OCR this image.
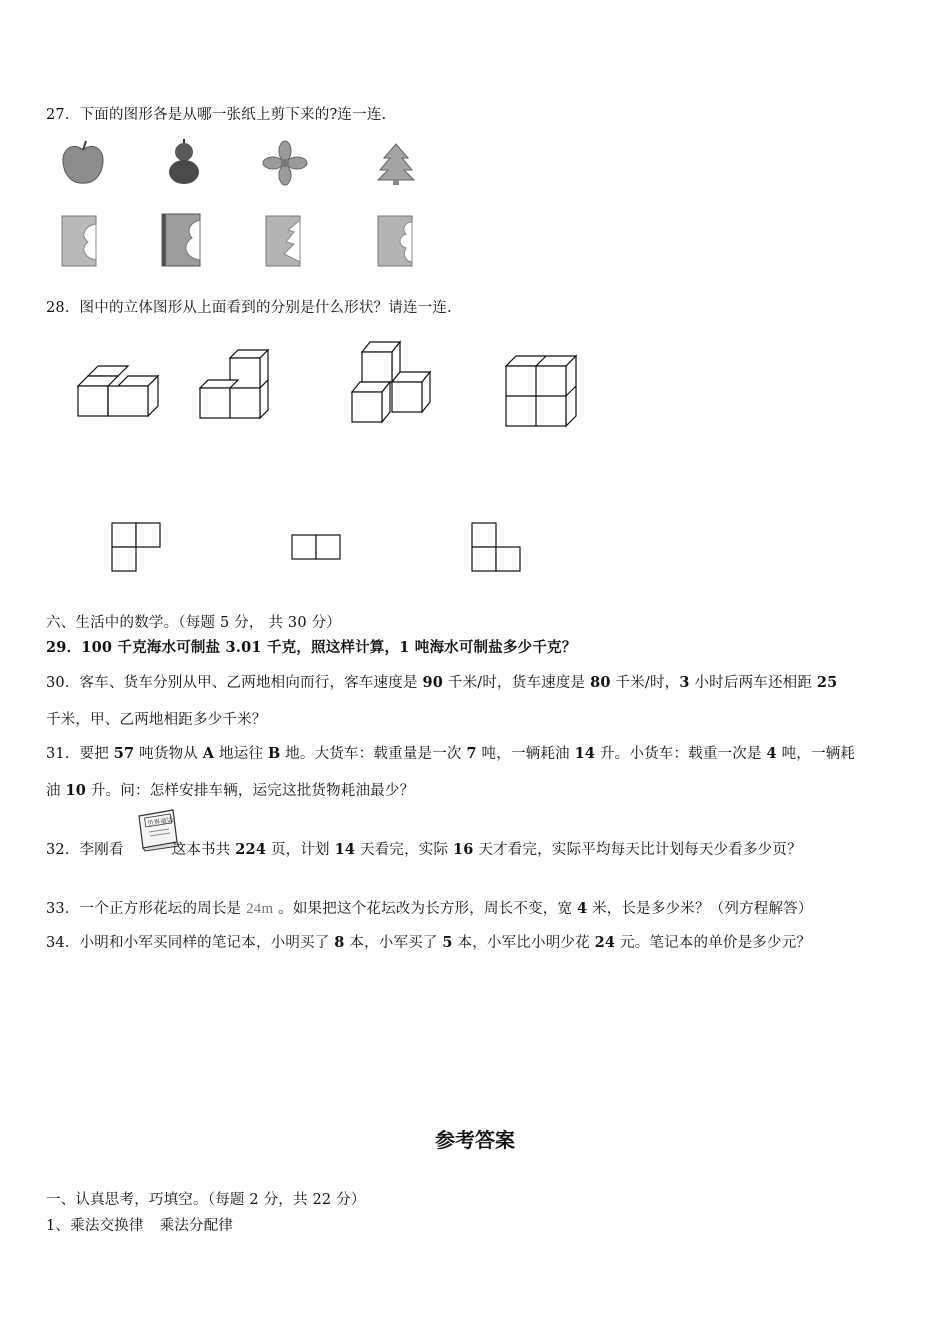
27．下面的图形各是从哪一张纸上剪下来的?连一连.
28．图中的立体图形从上面看到的分别是什么形状？请连一连.
六、生活中的数学。（每题 5 分， 共 30 分）
29．100 千克海水可制盐 3.01 千克，照这样计算，1 吨海水可制盐多少千克？
30．客车、货车分别从甲、乙两地相向而行，客车速度是 90 千米/时，货车速度是 80 千米/时，3 小时后两车还相距 25
千米，甲、乙两地相距多少千米？
31．要把 57 吨货物从 A 地运往 B 地。大货车：载重量是一次 7 吨，一辆耗油 14 升。小货车：载重一次是 4 吨，一辆耗
油 10 升。问：怎样安排车辆，运完这批货物耗油最少？
世界童话
32．李刚看	这本书共 224 页，计划 14 天看完，实际 16 天才看完，实际平均每天比计划每天少看多少页？
33．一个正方形花坛的周长是 24m 。如果把这个花坛改为长方形，周长不变，宽 4 米，长是多少米？（列方程解答）
34．小明和小军买同样的笔记本，小明买了 8 本，小军买了 5 本，小军比小明少花 24 元。笔记本的单价是多少元？
参考答案
一、认真思考，巧填空。（每题 2 分，共 22 分）
1、乘法交换律 乘法分配律
